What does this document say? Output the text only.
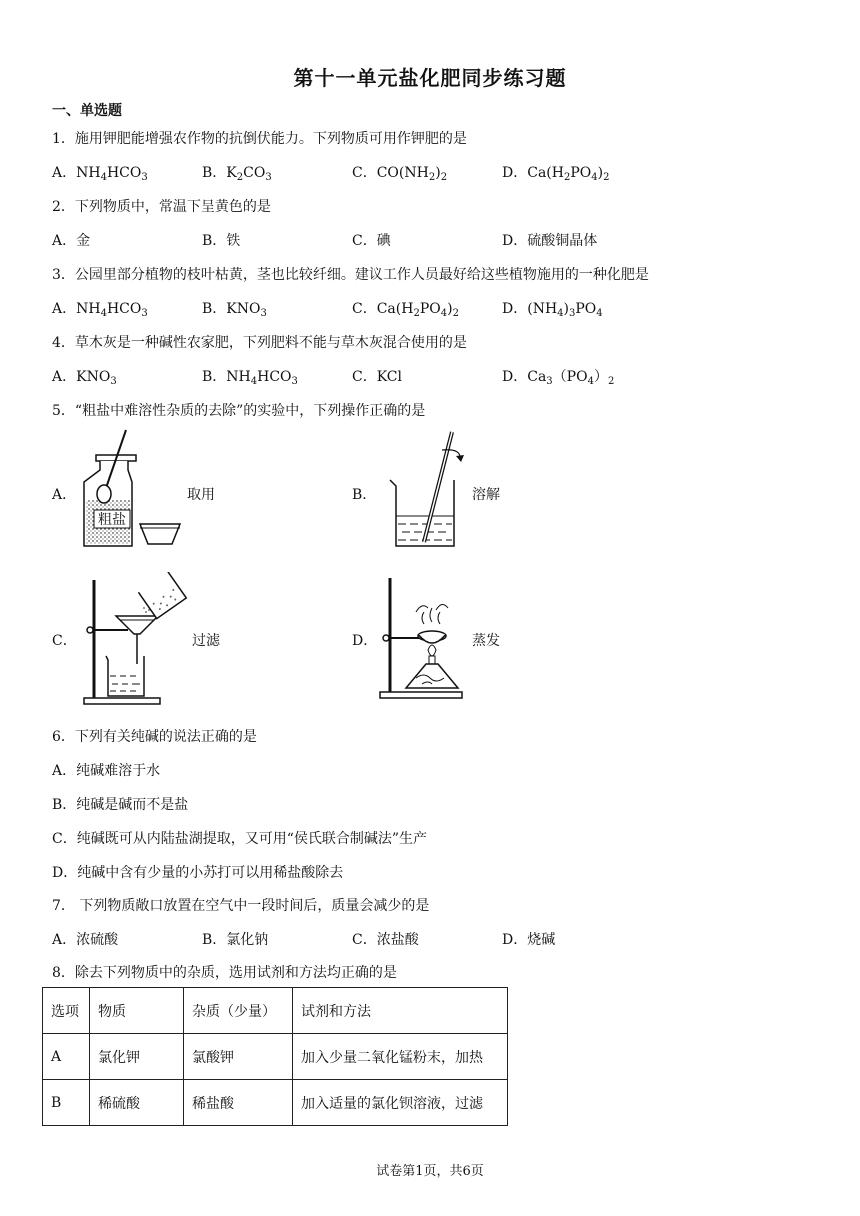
第十一单元盐化肥同步练习题
一、单选题
1．施用钾肥能增强农作物的抗倒伏能力。下列物质可用作钾肥的是
A．$NH_4HCO_3$	B．$K_2CO_3$	C．$CO(NH_2)_2$	D．$Ca(H_2PO_4)_2$
2．下列物质中，常温下呈黄色的是
A．金	B．铁	C．碘	D．硫酸铜晶体
3．公园里部分植物的枝叶枯黄，茎也比较纤细。建议工作人员最好给这些植物施用的一种化肥是
A．$NH_4HCO_3$	B．$KNO_3$	C．$Ca(H_2PO_4)_2$	D．$(NH_4)_3PO_4$
4．草木灰是一种碱性农家肥，下列肥料不能与草木灰混合使用的是
A．$KNO_3$	B．$NH_4HCO_3$	C．KCl	D．$Ca_3(PO_4)_2$
5．“粗盐中难溶性杂质的去除”的实验中，下列操作正确的是
A．
粗盐
取用	B．	溶解
C．	过滤	D．	蒸发
6．下列有关纯碱的说法正确的是
A．纯碱难溶于水
B．纯碱是碱而不是盐
C．纯碱既可从内陆盐湖提取，又可用“侯氏联合制碱法”生产
D．纯碱中含有少量的小苏打可以用稀盐酸除去
7． 下列物质敞口放置在空气中一段时间后，质量会减少的是
A．浓硫酸	B．氯化钠	C．浓盐酸	D．烧碱
8．除去下列物质中的杂质，选用试剂和方法均正确的是
选项	物质	杂质（少量）	试剂和方法
A	氯化钾	氯酸钾	加入少量二氧化锰粉末，加热
B	稀硫酸	稀盐酸	加入适量的氯化钡溶液，过滤
试卷第1页，共6页
